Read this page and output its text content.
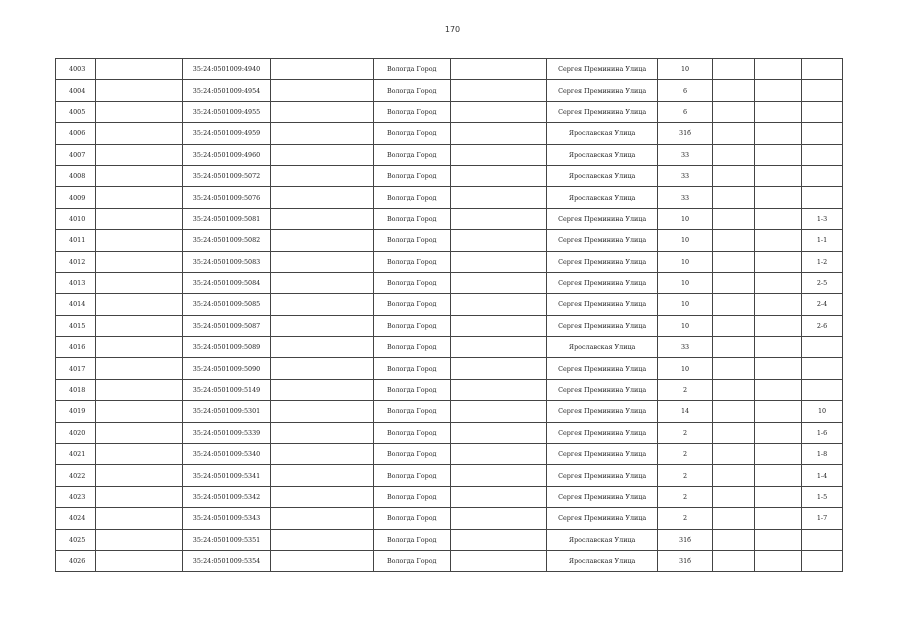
170
4003		35:24:0501009:4940		Вологда Город		Сергея Преминина Улица	10			
4004		35:24:0501009:4954		Вологда Город		Сергея Преминина Улица	6			
4005		35:24:0501009:4955		Вологда Город		Сергея Преминина Улица	6			
4006		35:24:0501009:4959		Вологда Город		Ярославская Улица	31б			
4007		35:24:0501009:4960		Вологда Город		Ярославская Улица	33			
4008		35:24:0501009:5072		Вологда Город		Ярославская Улица	33			
4009		35:24:0501009:5076		Вологда Город		Ярославская Улица	33			
4010		35:24:0501009:5081		Вологда Город		Сергея Преминина Улица	10			1-3
4011		35:24:0501009:5082		Вологда Город		Сергея Преминина Улица	10			1-1
4012		35:24:0501009:5083		Вологда Город		Сергея Преминина Улица	10			1-2
4013		35:24:0501009:5084		Вологда Город		Сергея Преминина Улица	10			2-5
4014		35:24:0501009:5085		Вологда Город		Сергея Преминина Улица	10			2-4
4015		35:24:0501009:5087		Вологда Город		Сергея Преминина Улица	10			2-6
4016		35:24:0501009:5089		Вологда Город		Ярославская Улица	33			
4017		35:24:0501009:5090		Вологда Город		Сергея Преминина Улица	10			
4018		35:24:0501009:5149		Вологда Город		Сергея Преминина Улица	2			
4019		35:24:0501009:5301		Вологда Город		Сергея Преминина Улица	14			10
4020		35:24:0501009:5339		Вологда Город		Сергея Преминина Улица	2			1-6
4021		35:24:0501009:5340		Вологда Город		Сергея Преминина Улица	2			1-8
4022		35:24:0501009:5341		Вологда Город		Сергея Преминина Улица	2			1-4
4023		35:24:0501009:5342		Вологда Город		Сергея Преминина Улица	2			1-5
4024		35:24:0501009:5343		Вологда Город		Сергея Преминина Улица	2			1-7
4025		35:24:0501009:5351		Вологда Город		Ярославская Улица	31б			
4026		35:24:0501009:5354		Вологда Город		Ярославская Улица	31б			
